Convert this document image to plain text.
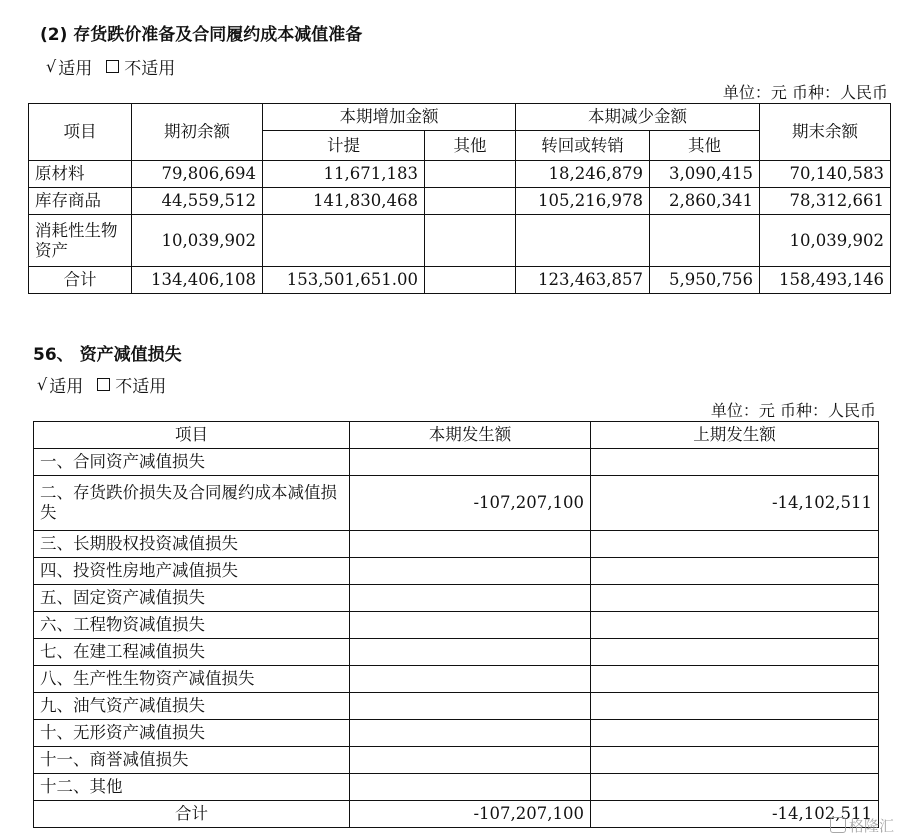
(2) 存货跌价准备及合同履约成本减值准备
√ 适用 不适用
单位：元 币种：人民币
项目	期初余额	本期增加金额		本期减少金额		期末余额
		计提	其他	转回或转销	其他	
原材料	79,806,694	11,671,183		18,246,879	3,090,415	70,140,583
库存商品	44,559,512	141,830,468		105,216,978	2,860,341	78,312,661
消耗性生物资产	10,039,902					10,039,902
合计	134,406,108	153,501,651.00		123,463,857	5,950,756	158,493,146
56、 资产减值损失
√ 适用 不适用
单位：元 币种：人民币
项目	本期发生额	上期发生额
一、合同资产减值损失		
二、存货跌价损失及合同履约成本减值损失	-107,207,100	-14,102,511
三、长期股权投资减值损失		
四、投资性房地产减值损失		
五、固定资产减值损失		
六、工程物资减值损失		
七、在建工程减值损失		
八、生产性生物资产减值损失		
九、油气资产减值损失		
十、无形资产减值损失		
十一、商誉减值损失		
十二、其他		
合计	-107,207,100	-14,102,511
格隆汇
